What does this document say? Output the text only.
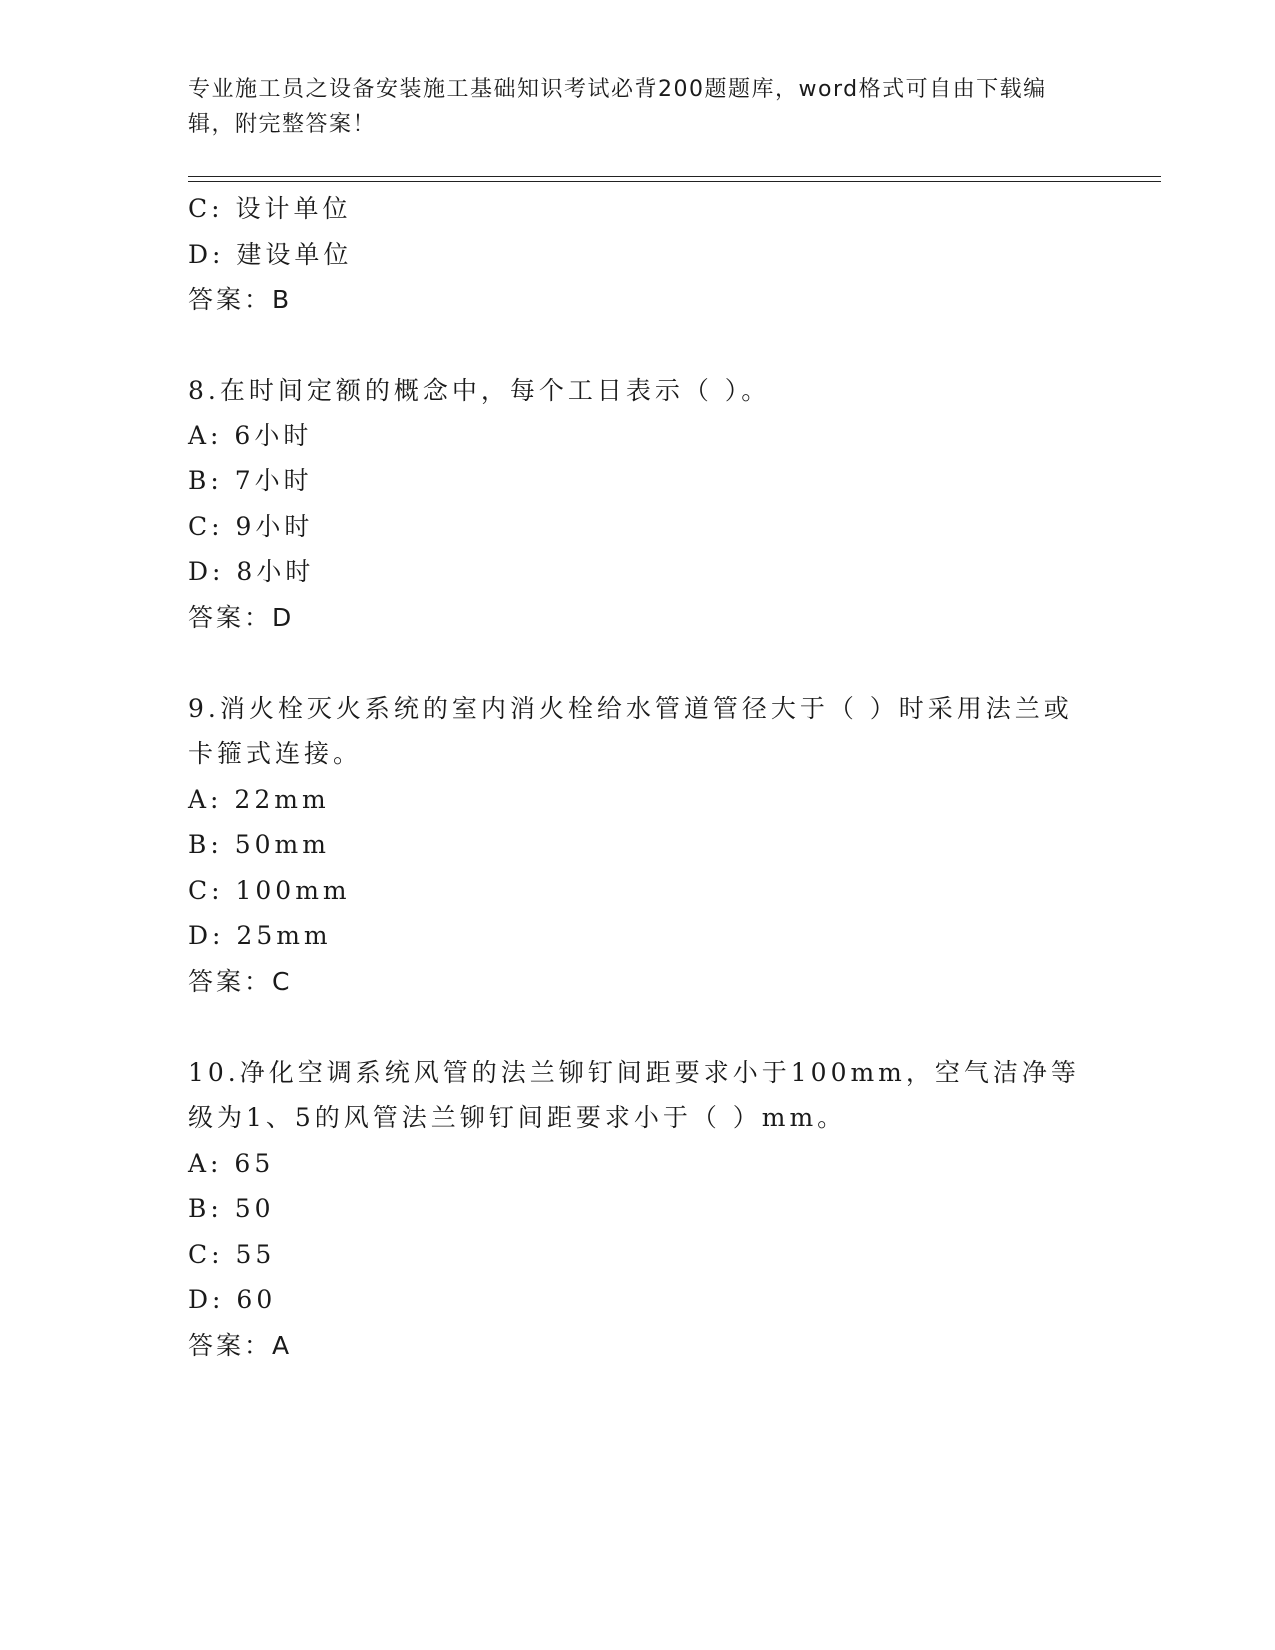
专业施工员之设备安装施工基础知识考试必背200题题库，word格式可自由下载编辑，附完整答案！
C: 设计单位
D: 建设单位
答案：B
8.在时间定额的概念中，每个工日表示（ ）。
A: 6小时
B: 7小时
C: 9小时
D: 8小时
答案：D
9.消火栓灭火系统的室内消火栓给水管道管径大于（ ）时采用法兰或卡箍式连接。
A: 22mm
B: 50mm
C: 100mm
D: 25mm
答案：C
10.净化空调系统风管的法兰铆钉间距要求小于100mm，空气洁净等级为1、5的风管法兰铆钉间距要求小于（ ）mm。
A: 65
B: 50
C: 55
D: 60
答案：A
